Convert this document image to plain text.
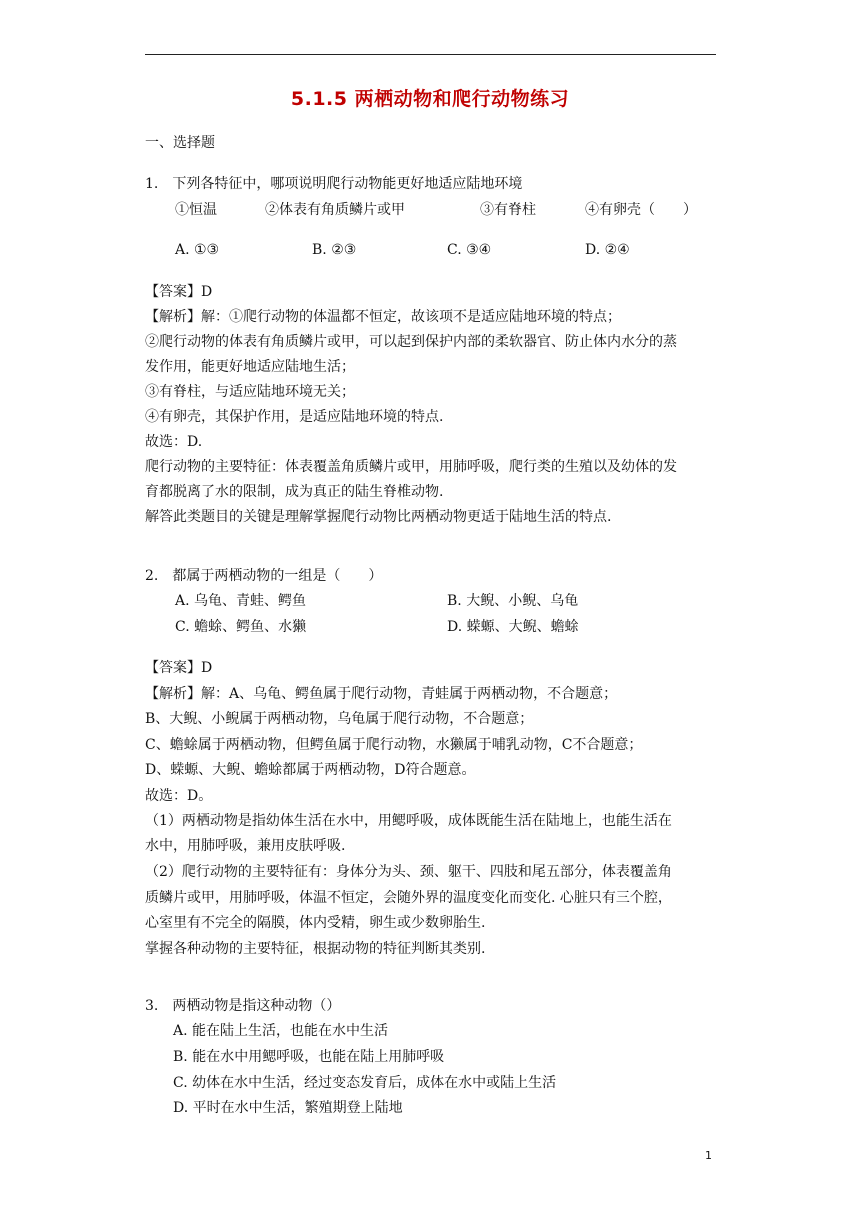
5.1.5 两栖动物和爬行动物练习
一、选择题
1.　下列各特征中，哪项说明爬行动物能更好地适应陆地环境
①恒温	②体表有角质鳞片或甲	③有脊柱	④有卵壳（　　）
A. ①③	B. ②③	C. ③④	D. ②④
【答案】D
【解析】解：①爬行动物的体温都不恒定，故该项不是适应陆地环境的特点；
②爬行动物的体表有角质鳞片或甲，可以起到保护内部的柔软器官、防止体内水分的蒸
发作用，能更好地适应陆地生活；
③有脊柱，与适应陆地环境无关；
④有卵壳，其保护作用，是适应陆地环境的特点.
故选：D.
爬行动物的主要特征：体表覆盖角质鳞片或甲，用肺呼吸，爬行类的生殖以及幼体的发
育都脱离了水的限制，成为真正的陆生脊椎动物.
解答此类题目的关键是理解掌握爬行动物比两栖动物更适于陆地生活的特点.
2.　都属于两栖动物的一组是（　　）
A. 乌龟、青蛙、鳄鱼	B. 大鲵、小鲵、乌龟
C. 蟾蜍、鳄鱼、水獭	D. 蝾螈、大鲵、蟾蜍
【答案】D
【解析】解：A、乌龟、鳄鱼属于爬行动物，青蛙属于两栖动物，不合题意；
B、大鲵、小鲵属于两栖动物，乌龟属于爬行动物，不合题意；
C、蟾蜍属于两栖动物，但鳄鱼属于爬行动物，水獭属于哺乳动物，C不合题意；
D、蝾螈、大鲵、蟾蜍都属于两栖动物，D符合题意。
故选：D。
（1）两栖动物是指幼体生活在水中，用鳃呼吸，成体既能生活在陆地上，也能生活在
水中，用肺呼吸，兼用皮肤呼吸.
（2）爬行动物的主要特征有：身体分为头、颈、躯干、四肢和尾五部分，体表覆盖角
质鳞片或甲，用肺呼吸，体温不恒定，会随外界的温度变化而变化. 心脏只有三个腔，
心室里有不完全的隔膜，体内受精，卵生或少数卵胎生.
掌握各种动物的主要特征，根据动物的特征判断其类别.
3.　两栖动物是指这种动物（）
A. 能在陆上生活，也能在水中生活
B. 能在水中用鳃呼吸，也能在陆上用肺呼吸
C. 幼体在水中生活，经过变态发育后，成体在水中或陆上生活
D. 平时在水中生活，繁殖期登上陆地
1
